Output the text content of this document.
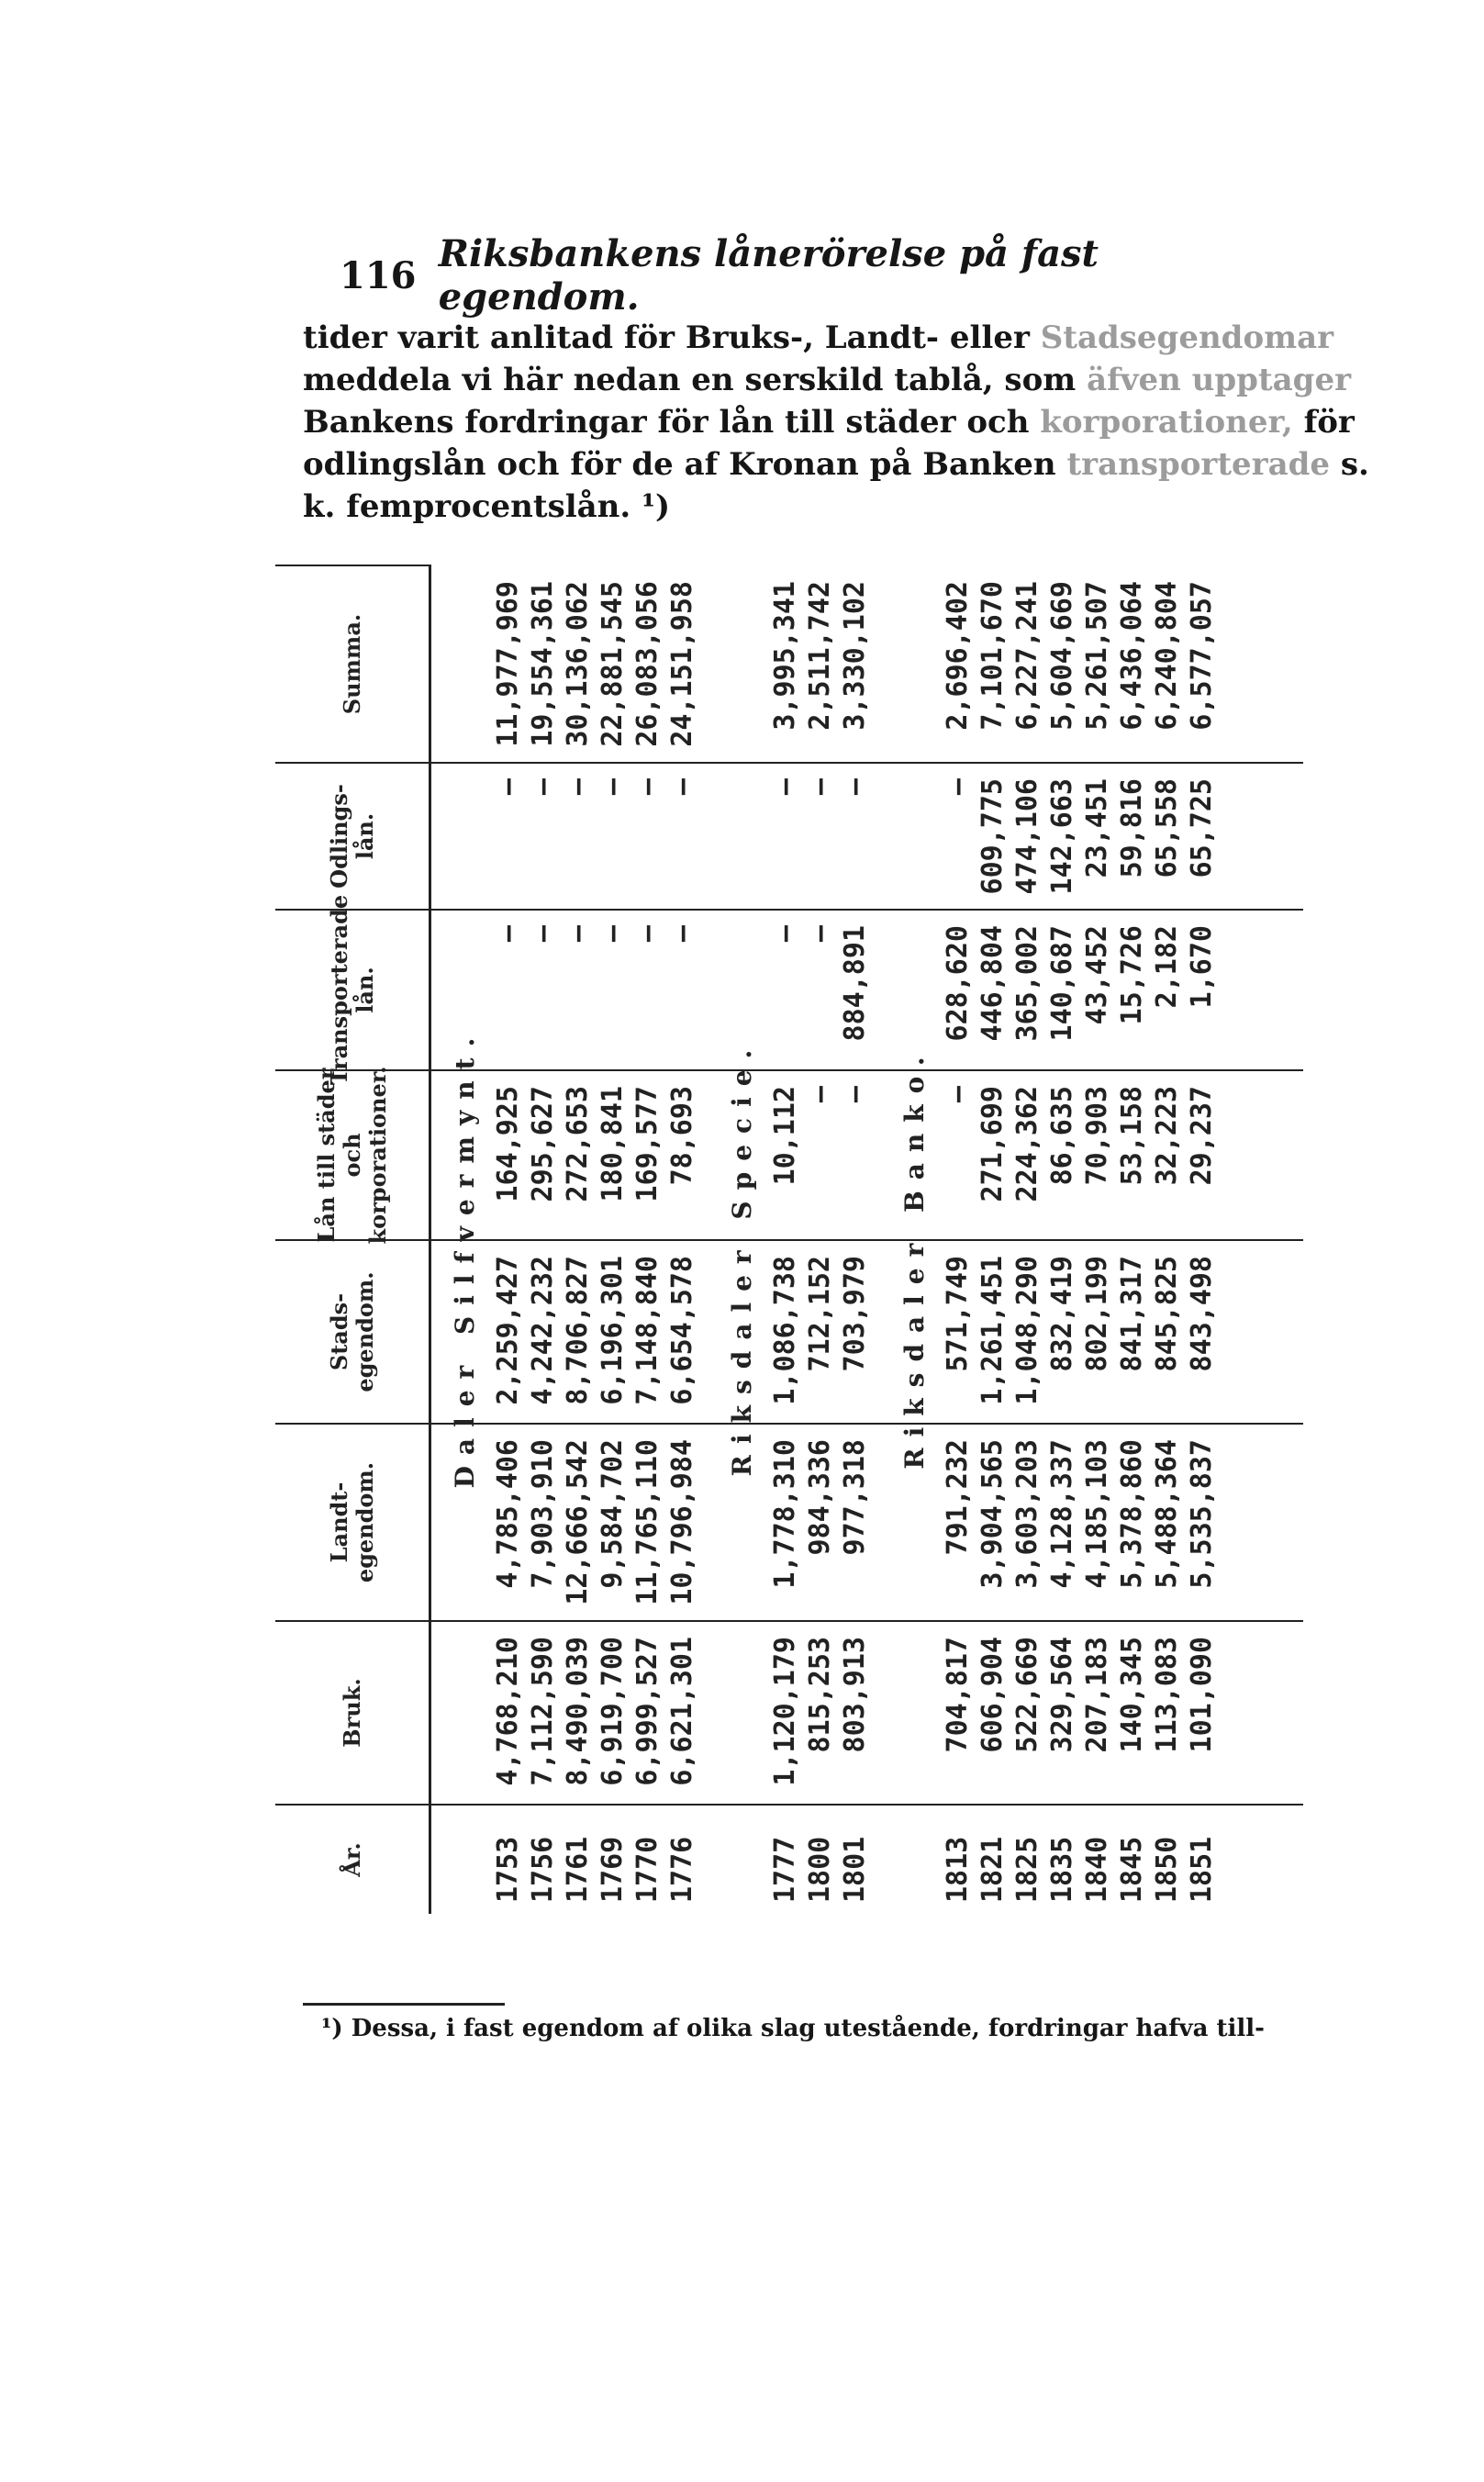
116 Riksbankens lånerörelse på fast egendom.
tider varit anlitad för Bruks-, Landt- eller Stadsegendomar
meddela vi här nedan en serskild tablå, som äfven upptager
Bankens fordringar för lån till städer och korporationer, för
odlingslån och för de af Kronan på Banken transporterade s.
k. femprocentslån. ¹)
År.
Bruk.
Landt-egendom.
Stads-egendom.
Lån till städer och korporationer.
Transporterade lån.
Odlings-lån.
Summa.
Daler Silfvermynt.
1753
4,768,210
4,785,406
2,259,427
164,925
—
—
11,977,969
1756
7,112,590
7,903,910
4,242,232
295,627
—
—
19,554,361
1761
8,490,039
12,666,542
8,706,827
272,653
—
—
30,136,062
1769
6,919,700
9,584,702
6,196,301
180,841
—
—
22,881,545
1770
6,999,527
11,765,110
7,148,840
169,577
—
—
26,083,056
1776
6,621,301
10,796,984
6,654,578
78,693
—
—
24,151,958
Riksdaler Specie.
1777
1,120,179
1,778,310
1,086,738
10,112
—
—
3,995,341
1800
815,253
984,336
712,152
—
—
—
2,511,742
1801
803,913
977,318
703,979
—
884,891
—
3,330,102
Riksdaler Banko.
1813
704,817
791,232
571,749
—
628,620
—
2,696,402
1821
606,904
3,904,565
1,261,451
271,699
446,804
609,775
7,101,670
1825
522,669
3,603,203
1,048,290
224,362
365,002
474,106
6,227,241
1835
329,564
4,128,337
832,419
86,635
140,687
142,663
5,604,669
1840
207,183
4,185,103
802,199
70,903
43,452
23,451
5,261,507
1845
140,345
5,378,860
841,317
53,158
15,726
59,816
6,436,064
1850
113,083
5,488,364
845,825
32,223
2,182
65,558
6,240,804
1851
101,090
5,535,837
843,498
29,237
1,670
65,725
6,577,057
¹) Dessa, i fast egendom af olika slag utestående, fordringar hafva till-
